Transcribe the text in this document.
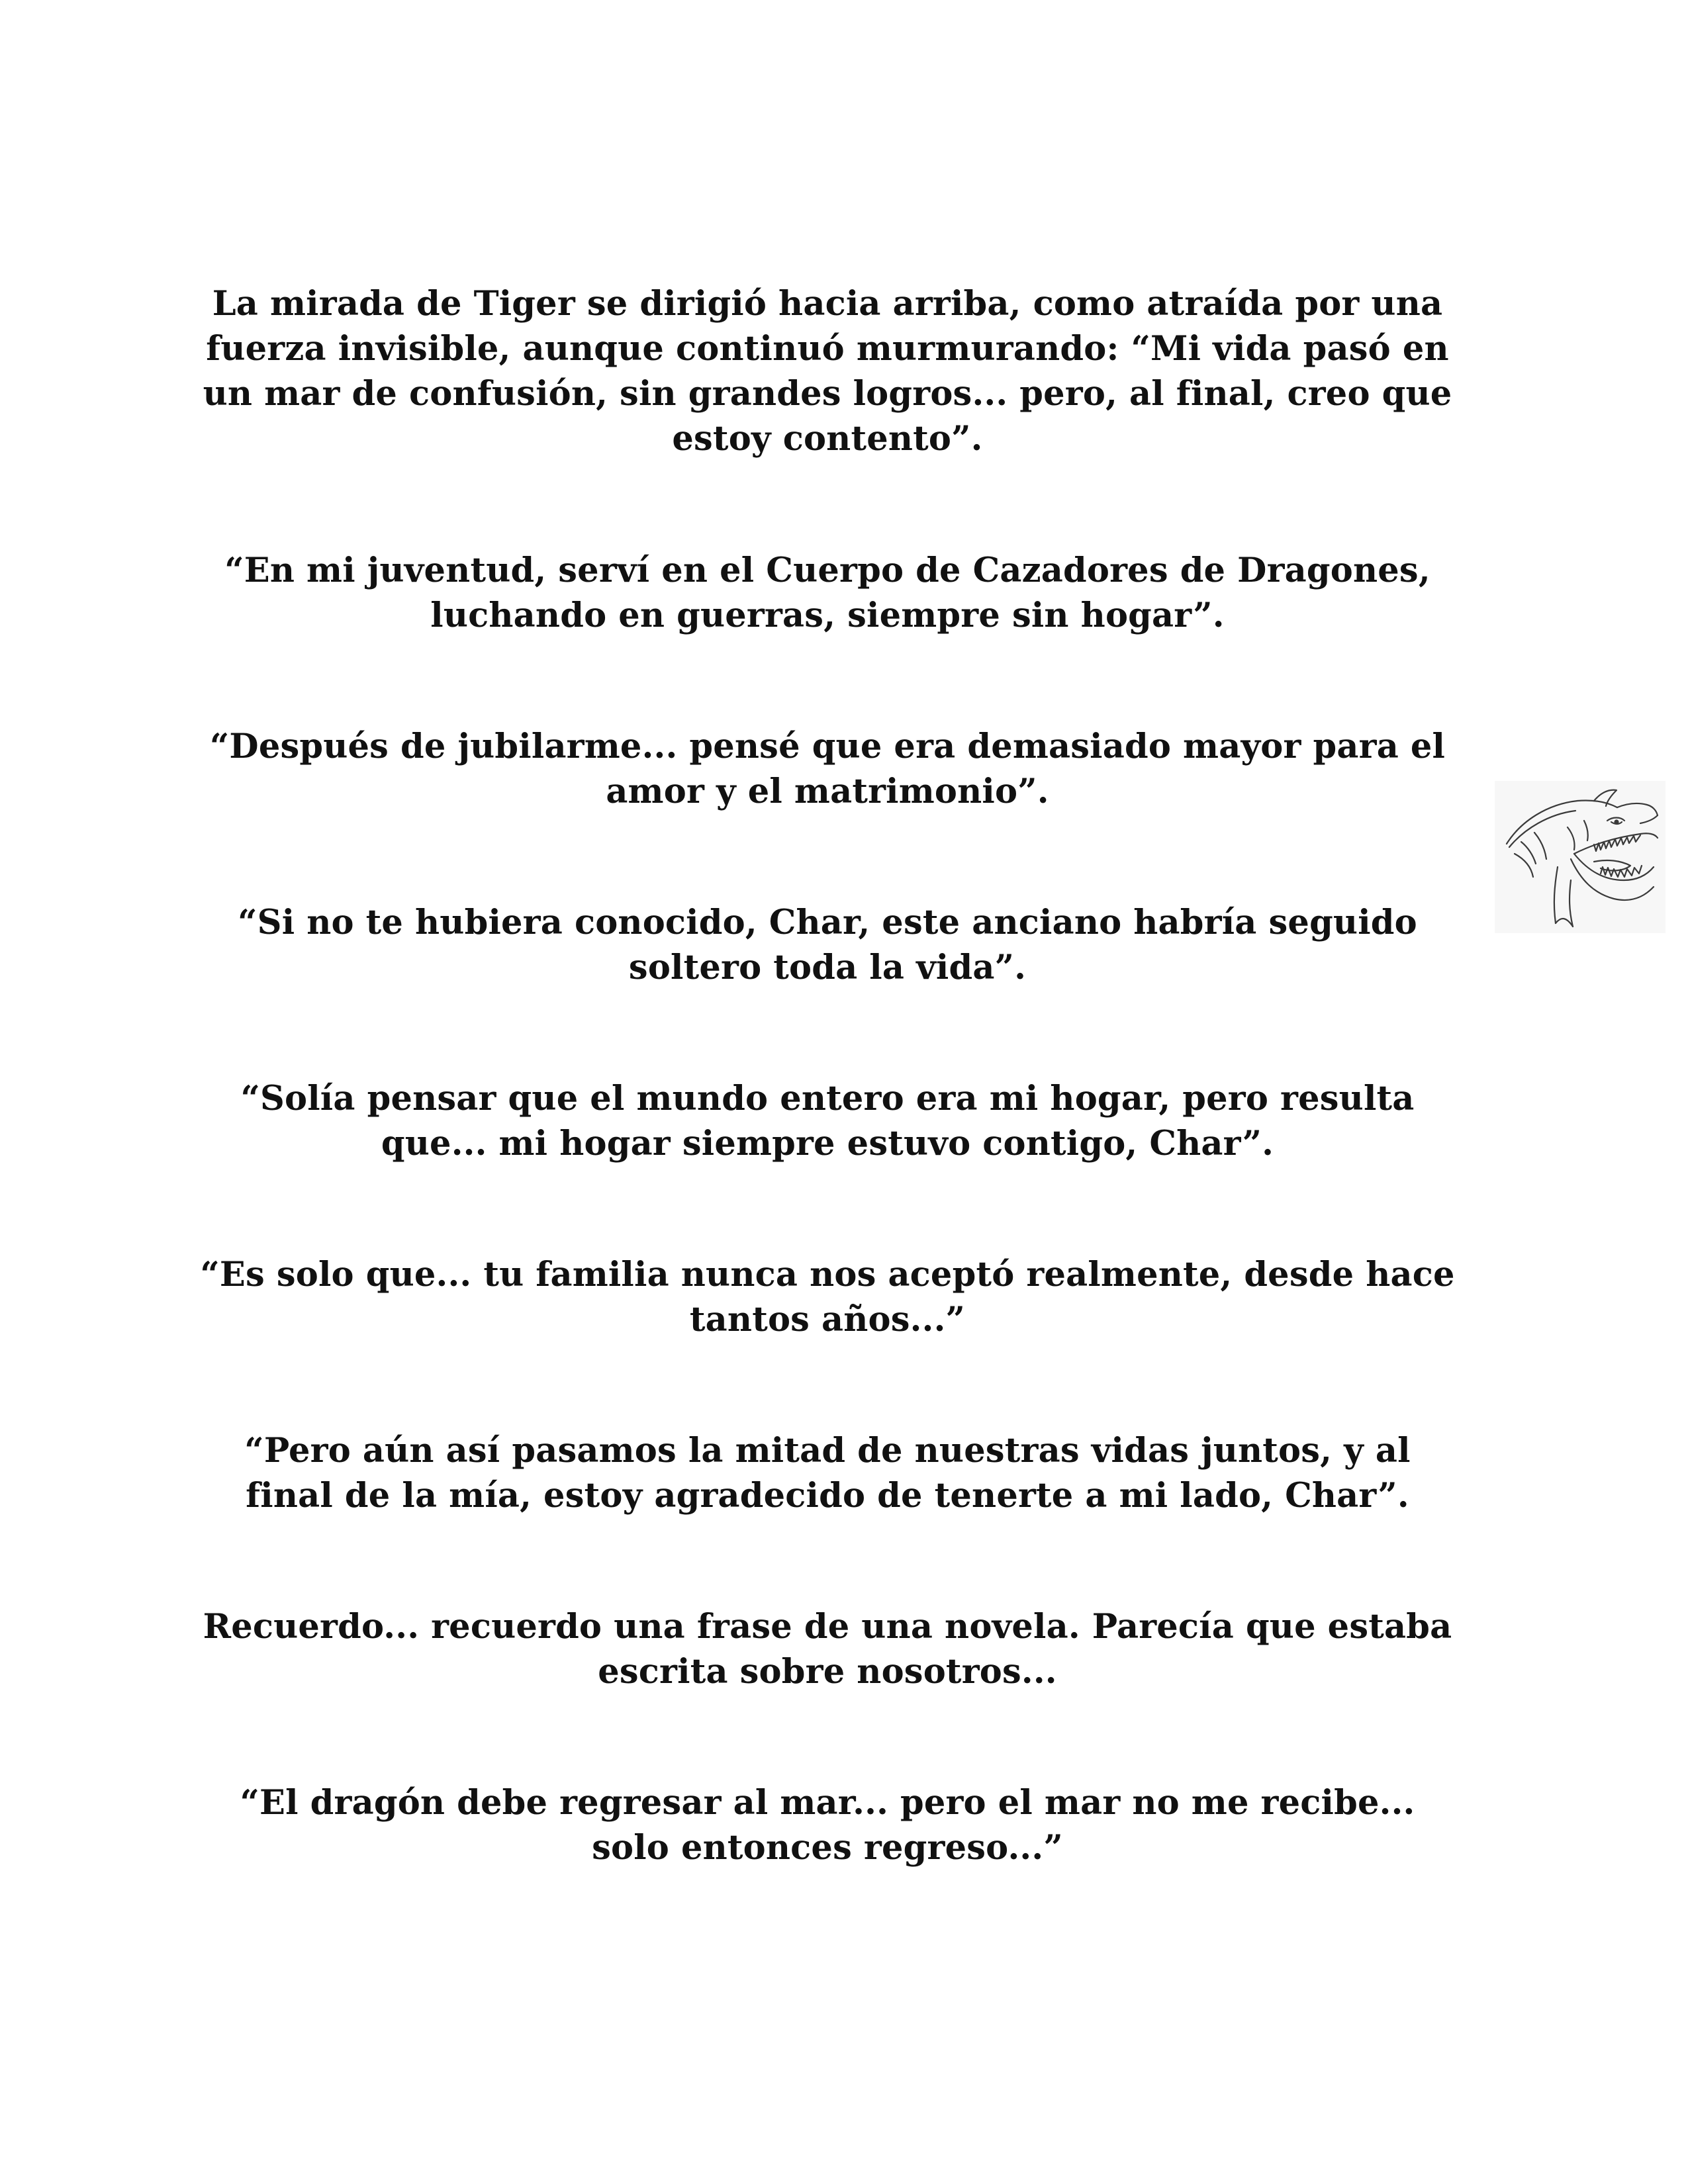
La mirada de Tiger se dirigió hacia arriba, como atraída por una fuerza invisible, aunque continuó murmurando: “Mi vida pasó en un mar de confusión, sin grandes logros... pero, al final, creo que estoy contento”.

“En mi juventud, serví en el Cuerpo de Cazadores de Dragones, luchando en guerras, siempre sin hogar”.

“Después de jubilarme... pensé que era demasiado mayor para el amor y el matrimonio”.

“Si no te hubiera conocido, Char, este anciano habría seguido soltero toda la vida”.

“Solía pensar que el mundo entero era mi hogar, pero resulta que... mi hogar siempre estuvo contigo, Char”.

“Es solo que... tu familia nunca nos aceptó realmente, desde hace tantos años...”

“Pero aún así pasamos la mitad de nuestras vidas juntos, y al final de la mía, estoy agradecido de tenerte a mi lado, Char”.

Recuerdo... recuerdo una frase de una novela. Parecía que estaba escrita sobre nosotros...

“El dragón debe regresar al mar... pero el mar no me recibe... solo entonces regreso...”
